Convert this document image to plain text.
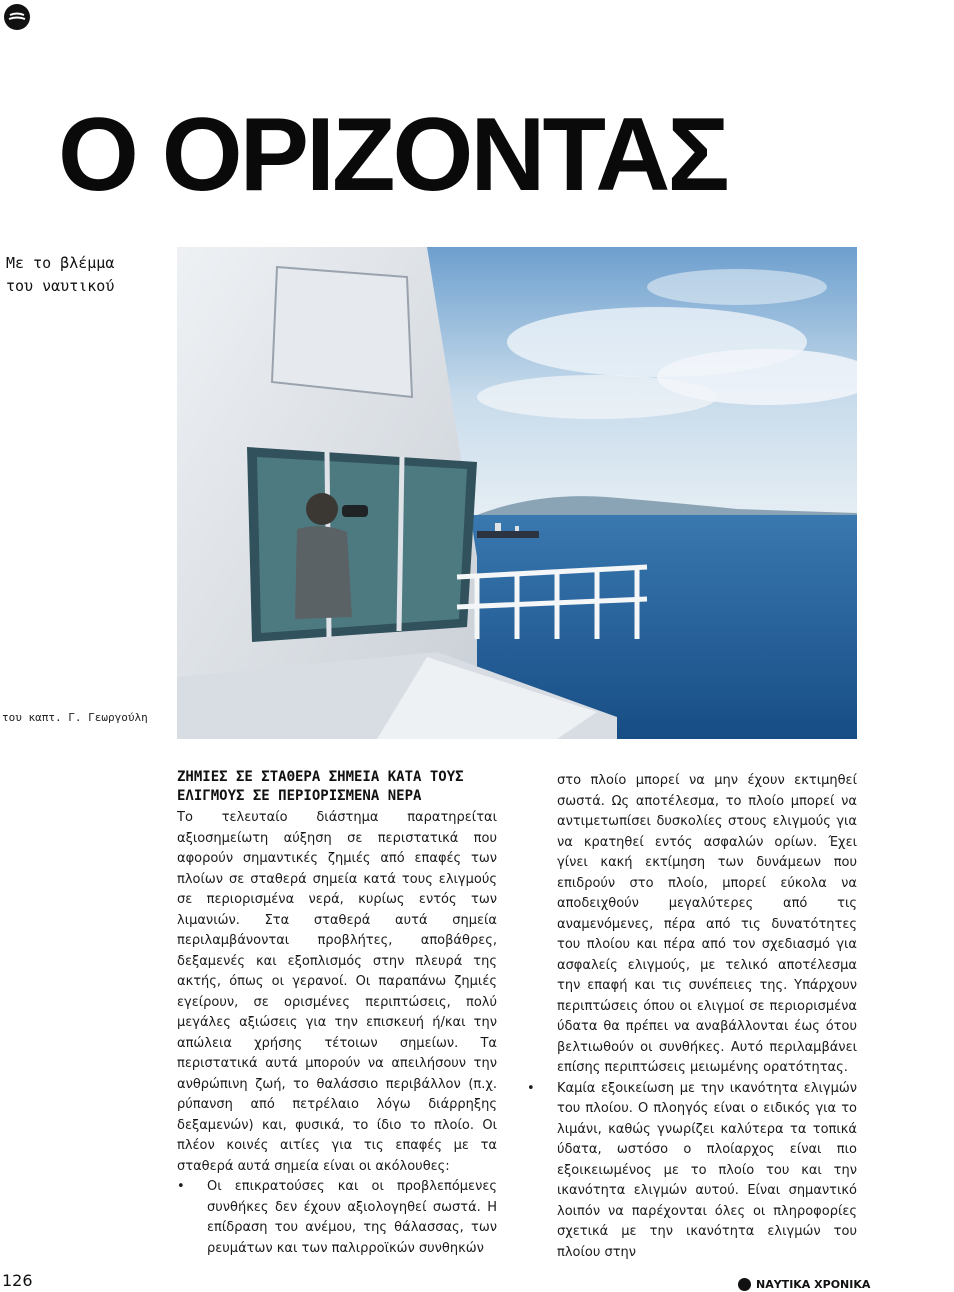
Ο ΟΡΙΖΟΝΤΑΣ
Με το βλέμμα
του ναυτικού
του καπτ. Γ. Γεωργούλη
ΖΗΜΙΕΣ ΣΕ ΣΤΑΘΕΡΑ ΣΗΜΕΙΑ ΚΑΤΑ ΤΟΥΣ ΕΛΙΓΜΟΥΣ ΣΕ ΠΕΡΙΟΡΙΣΜΕΝΑ ΝΕΡΑ

Το τελευταίο διάστημα παρατηρείται αξιοσημείωτη αύξηση σε περιστατικά που αφορούν σημαντικές ζημιές από επαφές των πλοίων σε σταθερά σημεία κατά τους ελιγμούς σε περιορισμένα νερά, κυρίως εντός των λιμανιών. Στα σταθερά αυτά σημεία περιλαμβάνονται προβλήτες, αποβάθρες, δεξαμενές και εξοπλισμός στην πλευρά της ακτής, όπως οι γερανοί. Οι παραπάνω ζημιές εγείρουν, σε ορισμένες περιπτώσεις, πολύ μεγάλες αξιώσεις για την επισκευή ή/και την απώλεια χρήσης τέτοιων σημείων. Τα περιστατικά αυτά μπορούν να απειλήσουν την ανθρώπινη ζωή, το θαλάσσιο περιβάλλον (π.χ. ρύπανση από πετρέλαιο λόγω διάρρηξης δεξαμενών) και, φυσικά, το ίδιο το πλοίο. Οι πλέον κοινές αιτίες για τις επαφές με τα σταθερά αυτά σημεία είναι οι ακόλουθες:

• Οι επικρατούσες και οι προβλεπόμενες συνθήκες δεν έχουν αξιολογηθεί σωστά. Η επίδραση του ανέμου, της θάλασσας, των ρευμάτων και των παλιρροϊκών συνθηκών

στο πλοίο μπορεί να μην έχουν εκτιμηθεί σωστά. Ως αποτέλεσμα, το πλοίο μπορεί να αντιμετωπίσει δυσκολίες στους ελιγμούς για να κρατηθεί εντός ασφαλών ορίων. Έχει γίνει κακή εκτίμηση των δυνάμεων που επιδρούν στο πλοίο, μπορεί εύκολα να αποδειχθούν μεγαλύτερες από τις αναμενόμενες, πέρα από τις δυνατότητες του πλοίου και πέρα από τον σχεδιασμό για ασφαλείς ελιγμούς, με τελικό αποτέλεσμα την επαφή και τις συνέπειες της. Υπάρχουν περιπτώσεις όπου οι ελιγμοί σε περιορισμένα ύδατα θα πρέπει να αναβάλλονται έως ότου βελτιωθούν οι συνθήκες. Αυτό περιλαμβάνει επίσης περιπτώσεις μειωμένης ορατότητας.

• Καμία εξοικείωση με την ικανότητα ελιγμών του πλοίου. Ο πλοηγός είναι ο ειδικός για το λιμάνι, καθώς γνωρίζει καλύτερα τα τοπικά ύδατα, ωστόσο ο πλοίαρχος είναι πιο εξοικειωμένος με το πλοίο του και την ικανότητα ελιγμών αυτού. Είναι σημαντικό λοιπόν να παρέχονται όλες οι πληροφορίες σχετικά με την ικανότητα ελιγμών του πλοίου στην
126	ΝΑΥΤΙΚΑ ΧΡΟΝΙΚΑ
